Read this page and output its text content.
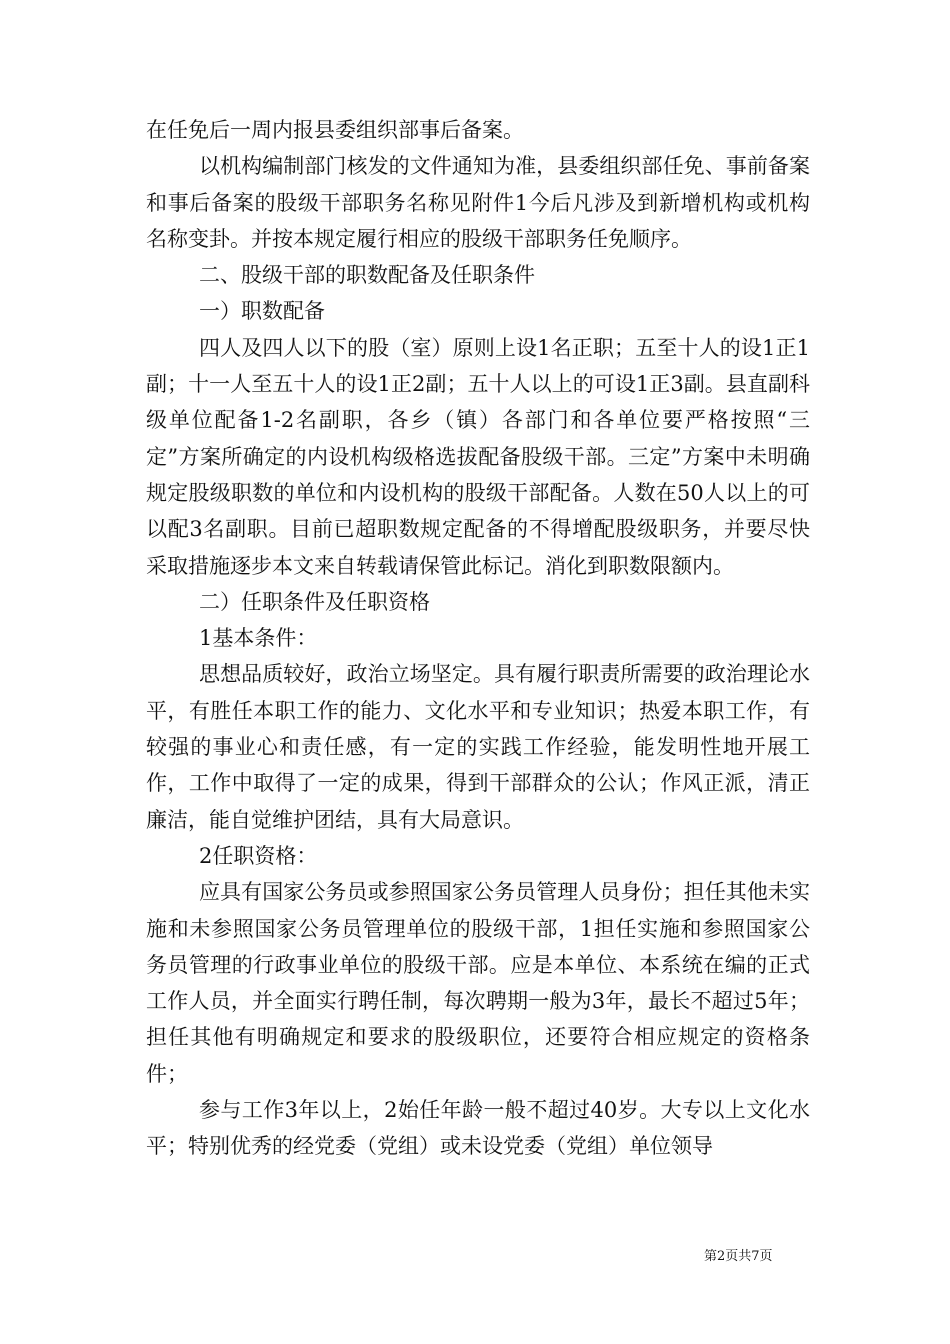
在任免后一周内报县委组织部事后备案。

以机构编制部门核发的文件通知为准，县委组织部任免、事前备案和事后备案的股级干部职务名称见附件1今后凡涉及到新增机构或机构名称变卦。并按本规定履行相应的股级干部职务任免顺序。

二、股级干部的职数配备及任职条件

一）职数配备

四人及四人以下的股（室）原则上设1名正职；五至十人的设1正1副；十一人至五十人的设1正2副；五十人以上的可设1正3副。县直副科级单位配备1-2名副职，各乡（镇）各部门和各单位要严格按照“三定”方案所确定的内设机构级格选拔配备股级干部。三定”方案中未明确规定股级职数的单位和内设机构的股级干部配备。人数在50人以上的可以配3名副职。目前已超职数规定配备的不得增配股级职务，并要尽快采取措施逐步本文来自转载请保管此标记。消化到职数限额内。

二）任职条件及任职资格

1基本条件：

思想品质较好，政治立场坚定。具有履行职责所需要的政治理论水平，有胜任本职工作的能力、文化水平和专业知识；热爱本职工作，有较强的事业心和责任感，有一定的实践工作经验，能发明性地开展工作，工作中取得了一定的成果，得到干部群众的公认；作风正派，清正廉洁，能自觉维护团结，具有大局意识。

2任职资格：

应具有国家公务员或参照国家公务员管理人员身份；担任其他未实施和未参照国家公务员管理单位的股级干部，1担任实施和参照国家公务员管理的行政事业单位的股级干部。应是本单位、本系统在编的正式工作人员，并全面实行聘任制，每次聘期一般为3年，最长不超过5年；担任其他有明确规定和要求的股级职位，还要符合相应规定的资格条件；

参与工作3年以上，2始任年龄一般不超过40岁。大专以上文化水平；特别优秀的经党委（党组）或未设党委（党组）单位领导

第2页共7页
